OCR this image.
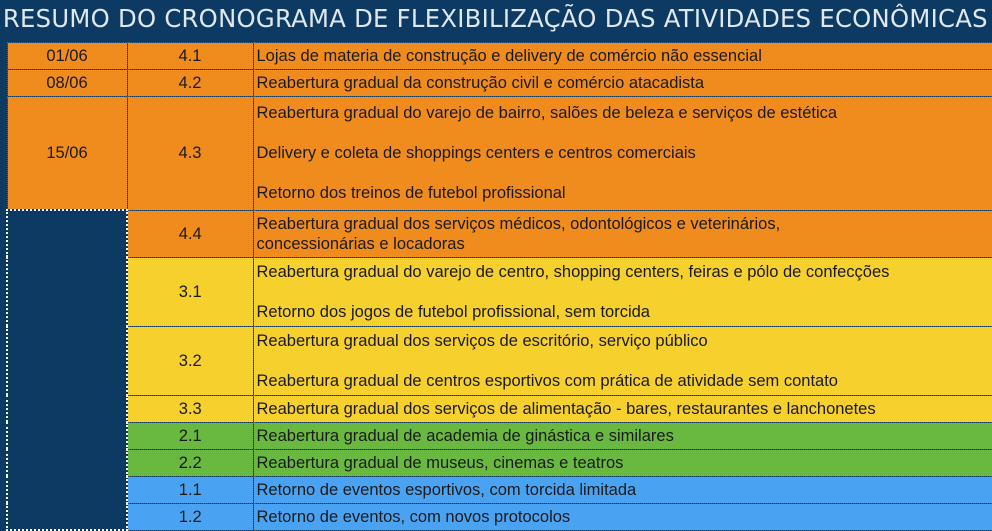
RESUMO DO CRONOGRAMA DE FLEXIBILIZAÇÃO DAS ATIVIDADES ECONÔMICAS
01/06	4.1	Lojas de materia de construção e delivery de comércio não essencial
08/06	4.2	Reabertura gradual da construção civil e comércio atacadista
15/06	4.3	Reabertura gradual do varejo de bairro, salões de beleza e serviços de estética
Delivery e coleta de shoppings centers e centros comerciais
Retorno dos treinos de futebol profissional

	4.4	Reabertura gradual dos serviços médicos, odontológicos e veterinários,
concessionárias e locadoras

	3.1	Reabertura gradual do varejo de centro, shopping centers, feiras e pólo de confecções
Retorno dos jogos de futebol profissional, sem torcida

	3.2	Reabertura gradual dos serviços de escritório, serviço público
Reabertura gradual de centros esportivos com prática de atividade sem contato

	3.3	Reabertura gradual dos serviços de alimentação - bares, restaurantes e lanchonetes
	2.1	Reabertura gradual de academia de ginástica e similares
	2.2	Reabertura gradual de museus, cinemas e teatros
	1.1	Retorno de eventos esportivos, com torcida limitada
	1.2	Retorno de eventos, com novos protocolos
